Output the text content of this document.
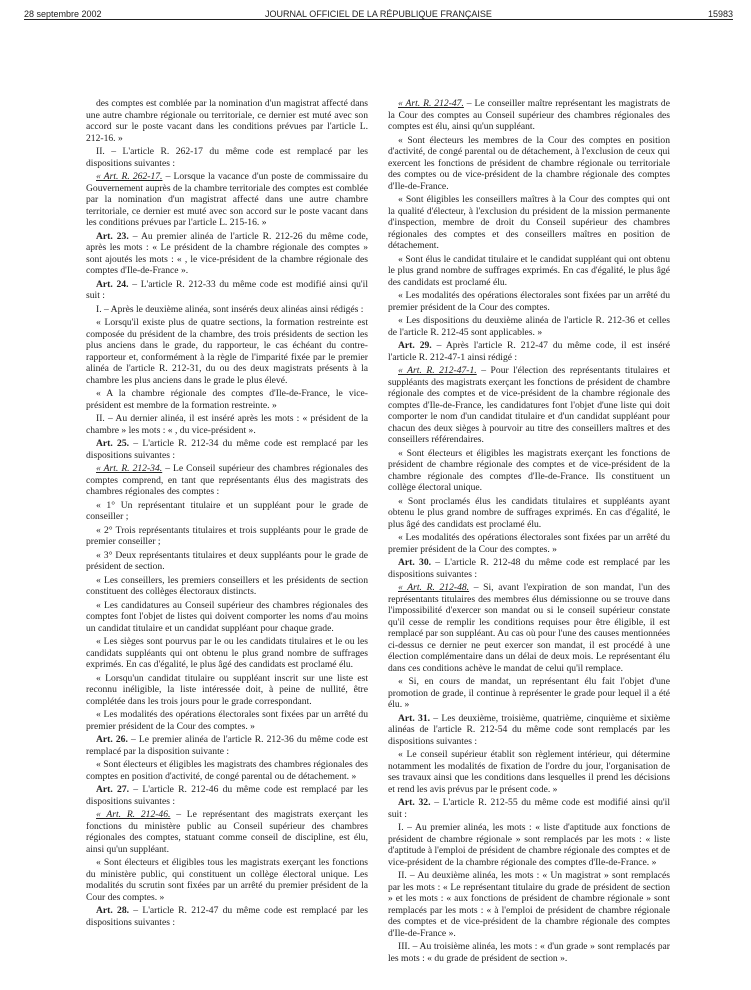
28 septembre 2002	JOURNAL OFFICIEL DE LA RÉPUBLIQUE FRANÇAISE	15983

des comptes est comblée par la nomination d'un magistrat affecté dans une autre chambre régionale ou territoriale, ce dernier est muté avec son accord sur le poste vacant dans les conditions prévues par l'article L. 212-16. »

II. – L'article R. 262-17 du même code est remplacé par les dispositions suivantes :

« Art. R. 262-17. – Lorsque la vacance d'un poste de commissaire du Gouvernement auprès de la chambre territoriale des comptes est comblée par la nomination d'un magistrat affecté dans une autre chambre territoriale, ce dernier est muté avec son accord sur le poste vacant dans les conditions prévues par l'article L. 215-16. »

Art. 23. – Au premier alinéa de l'article R. 212-26 du même code, après les mots : « Le président de la chambre régionale des comptes » sont ajoutés les mots : « , le vice-président de la chambre régionale des comptes d'Ile-de-France ».

Art. 24. – L'article R. 212-33 du même code est modifié ainsi qu'il suit :

I. – Après le deuxième alinéa, sont insérés deux alinéas ainsi rédigés :

« Lorsqu'il existe plus de quatre sections, la formation restreinte est composée du président de la chambre, des trois présidents de section les plus anciens dans le grade, du rapporteur, le cas échéant du contre-rapporteur et, conformément à la règle de l'imparité fixée par le premier alinéa de l'article R. 212-31, du ou des deux magistrats présents à la chambre les plus anciens dans le grade le plus élevé.

« A la chambre régionale des comptes d'Ile-de-France, le vice-président est membre de la formation restreinte. »

II. – Au dernier alinéa, il est inséré après les mots : « président de la chambre » les mots : « , du vice-président ».

Art. 25. – L'article R. 212-34 du même code est remplacé par les dispositions suivantes :

« Art. R. 212-34. – Le Conseil supérieur des chambres régionales des comptes comprend, en tant que représentants élus des magistrats des chambres régionales des comptes :

« 1° Un représentant titulaire et un suppléant pour le grade de conseiller ;

« 2° Trois représentants titulaires et trois suppléants pour le grade de premier conseiller ;

« 3° Deux représentants titulaires et deux suppléants pour le grade de président de section.

« Les conseillers, les premiers conseillers et les présidents de section constituent des collèges électoraux distincts.

« Les candidatures au Conseil supérieur des chambres régionales des comptes font l'objet de listes qui doivent comporter les noms d'au moins un candidat titulaire et un candidat suppléant pour chaque grade.

« Les sièges sont pourvus par le ou les candidats titulaires et le ou les candidats suppléants qui ont obtenu le plus grand nombre de suffrages exprimés. En cas d'égalité, le plus âgé des candidats est proclamé élu.

« Lorsqu'un candidat titulaire ou suppléant inscrit sur une liste est reconnu inéligible, la liste intéressée doit, à peine de nullité, être complétée dans les trois jours pour le grade correspondant.

« Les modalités des opérations électorales sont fixées par un arrêté du premier président de la Cour des comptes. »

Art. 26. – Le premier alinéa de l'article R. 212-36 du même code est remplacé par la disposition suivante :

« Sont électeurs et éligibles les magistrats des chambres régionales des comptes en position d'activité, de congé parental ou de détachement. »

Art. 27. – L'article R. 212-46 du même code est remplacé par les dispositions suivantes :

« Art. R. 212-46. – Le représentant des magistrats exerçant les fonctions du ministère public au Conseil supérieur des chambres régionales des comptes, statuant comme conseil de discipline, est élu, ainsi qu'un suppléant.

« Sont électeurs et éligibles tous les magistrats exerçant les fonctions du ministère public, qui constituent un collège électoral unique. Les modalités du scrutin sont fixées par un arrêté du premier président de la Cour des comptes. »

Art. 28. – L'article R. 212-47 du même code est remplacé par les dispositions suivantes :

« Art. R. 212-47. – Le conseiller maître représentant les magistrats de la Cour des comptes au Conseil supérieur des chambres régionales des comptes est élu, ainsi qu'un suppléant.

« Sont électeurs les membres de la Cour des comptes en position d'activité, de congé parental ou de détachement, à l'exclusion de ceux qui exercent les fonctions de président de chambre régionale ou territoriale des comptes ou de vice-président de la chambre régionale des comptes d'Ile-de-France.

« Sont éligibles les conseillers maîtres à la Cour des comptes qui ont la qualité d'électeur, à l'exclusion du président de la mission permanente d'inspection, membre de droit du Conseil supérieur des chambres régionales des comptes et des conseillers maîtres en position de détachement.

« Sont élus le candidat titulaire et le candidat suppléant qui ont obtenu le plus grand nombre de suffrages exprimés. En cas d'égalité, le plus âgé des candidats est proclamé élu.

« Les modalités des opérations électorales sont fixées par un arrêté du premier président de la Cour des comptes.

« Les dispositions du deuxième alinéa de l'article R. 212-36 et celles de l'article R. 212-45 sont applicables. »

Art. 29. – Après l'article R. 212-47 du même code, il est inséré l'article R. 212-47-1 ainsi rédigé :

« Art. R. 212-47-1. – Pour l'élection des représentants titulaires et suppléants des magistrats exerçant les fonctions de président de chambre régionale des comptes et de vice-président de la chambre régionale des comptes d'Ile-de-France, les candidatures font l'objet d'une liste qui doit comporter le nom d'un candidat titulaire et d'un candidat suppléant pour chacun des deux sièges à pourvoir au titre des conseillers maîtres et des conseillers référendaires.

« Sont électeurs et éligibles les magistrats exerçant les fonctions de président de chambre régionale des comptes et de vice-président de la chambre régionale des comptes d'Ile-de-France. Ils constituent un collège électoral unique.

« Sont proclamés élus les candidats titulaires et suppléants ayant obtenu le plus grand nombre de suffrages exprimés. En cas d'égalité, le plus âgé des candidats est proclamé élu.

« Les modalités des opérations électorales sont fixées par un arrêté du premier président de la Cour des comptes. »

Art. 30. – L'article R. 212-48 du même code est remplacé par les dispositions suivantes :

« Art. R. 212-48. – Si, avant l'expiration de son mandat, l'un des représentants titulaires des membres élus démissionne ou se trouve dans l'impossibilité d'exercer son mandat ou si le conseil supérieur constate qu'il cesse de remplir les conditions requises pour être éligible, il est remplacé par son suppléant. Au cas où pour l'une des causes mentionnées ci-dessus ce dernier ne peut exercer son mandat, il est procédé à une élection complémentaire dans un délai de deux mois. Le représentant élu dans ces conditions achève le mandat de celui qu'il remplace.

« Si, en cours de mandat, un représentant élu fait l'objet d'une promotion de grade, il continue à représenter le grade pour lequel il a été élu. »

Art. 31. – Les deuxième, troisième, quatrième, cinquième et sixième alinéas de l'article R. 212-54 du même code sont remplacés par les dispositions suivantes :

« Le conseil supérieur établit son règlement intérieur, qui détermine notamment les modalités de fixation de l'ordre du jour, l'organisation de ses travaux ainsi que les conditions dans lesquelles il prend les décisions et rend les avis prévus par le présent code. »

Art. 32. – L'article R. 212-55 du même code est modifié ainsi qu'il suit :

I. – Au premier alinéa, les mots : « liste d'aptitude aux fonctions de président de chambre régionale » sont remplacés par les mots : « liste d'aptitude à l'emploi de président de chambre régionale des comptes et de vice-président de la chambre régionale des comptes d'Ile-de-France. »

II. – Au deuxième alinéa, les mots : « Un magistrat » sont remplacés par les mots : « Le représentant titulaire du grade de président de section » et les mots : « aux fonctions de président de chambre régionale » sont remplacés par les mots : « à l'emploi de président de chambre régionale des comptes et de vice-président de la chambre régionale des comptes d'Ile-de-France ».

III. – Au troisième alinéa, les mots : « d'un grade » sont remplacés par les mots : « du grade de président de section ».
